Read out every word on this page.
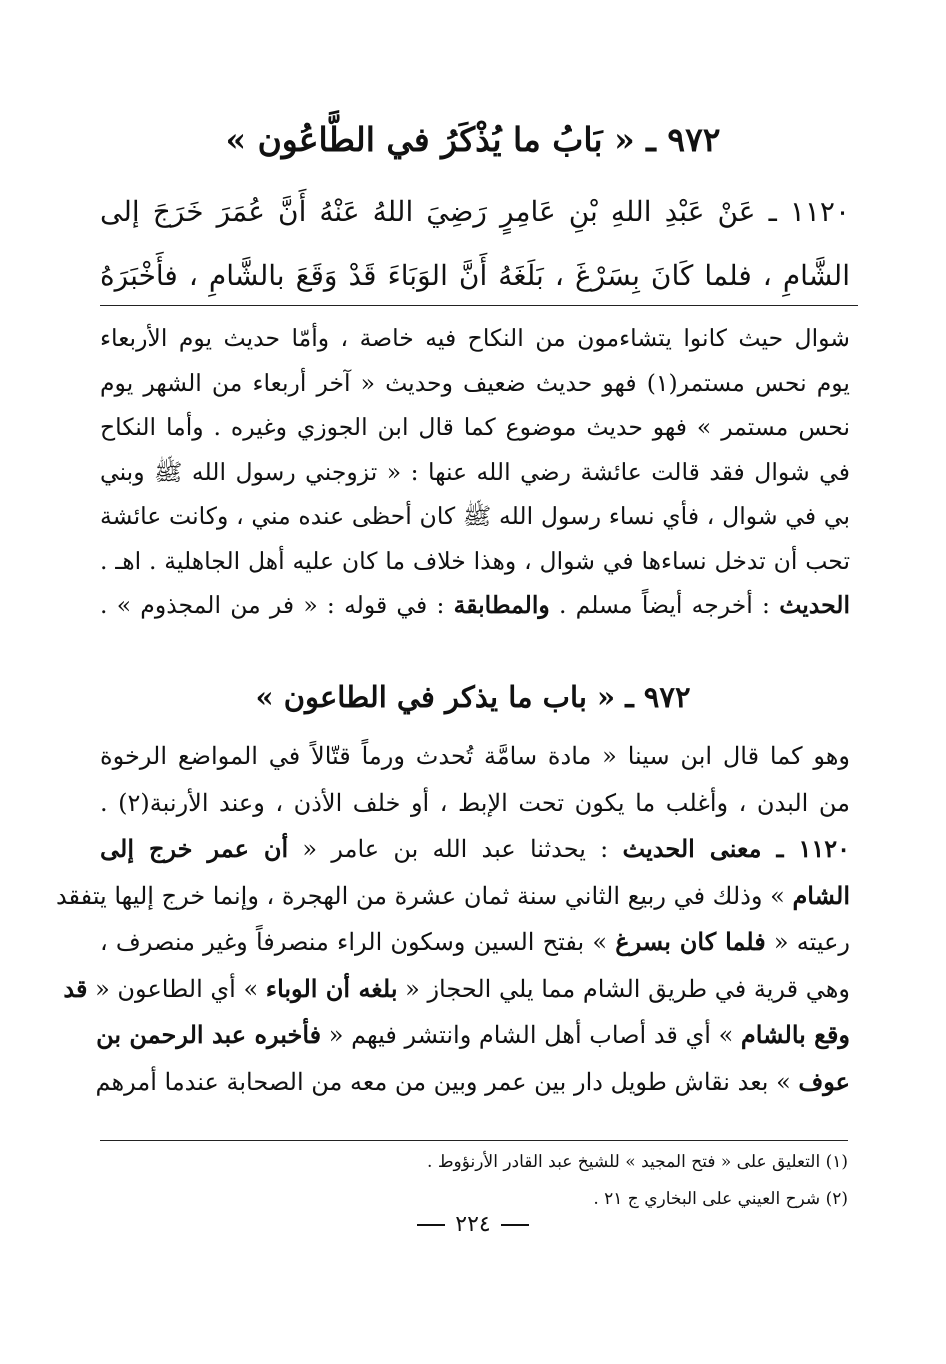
٩٧٢ ـ « بَابُ ما يُذْكَرُ في الطَّاعُون »
١١٢٠ ـ عَنْ عَبْدِ اللهِ بْنِ عَامِرٍ رَضِيَ اللهُ عَنْهُ أَنَّ عُمَرَ خَرَجَ إلى
الشَّامِ ، فلما كَانَ بِسَرْغَ ، بَلَغَهُ أَنَّ الوَبَاءَ قَدْ وَقَعَ بالشَّامِ ، فأَخْبَرَهُ
شوال حيث كانوا يتشاءمون من النكاح فيه خاصة ، وأمّا حديث يوم الأربعاء
يوم نحس مستمر(١) فهو حديث ضعيف وحديث « آخر أربعاء من الشهر يوم
نحس مستمر » فهو حديث موضوع كما قال ابن الجوزي وغيره . وأما النكاح
في شوال فقد قالت عائشة رضي الله عنها : « تزوجني رسول الله ﷺ وبني
بي في شوال ، فأي نساء رسول الله ﷺ كان أحظى عنده مني ، وكانت عائشة
تحب أن تدخل نساءها في شوال ، وهذا خلاف ما كان عليه أهل الجاهلية . اهـ .
الحديث : أخرجه أيضاً مسلم . والمطابقة : في قوله : « فر من المجذوم » .
٩٧٢ ـ « باب ما يذكر في الطاعون »
وهو كما قال ابن سينا « مادة سامَّة تُحدث ورماً قتّالاً في المواضع الرخوة
من البدن ، وأغلب ما يكون تحت الإبط ، أو خلف الأذن ، وعند الأرنبة(٢) .
١١٢٠ ـ معنى الحديث : يحدثنا عبد الله بن عامر « أن عمر خرج إلى
الشام » وذلك في ربيع الثاني سنة ثمان عشرة من الهجرة ، وإنما خرج إليها يتفقد
رعيته « فلما كان بسرغ » بفتح السين وسكون الراء منصرفاً وغير منصرف ،
وهي قرية في طريق الشام مما يلي الحجاز « بلغه أن الوباء » أي الطاعون « قد
وقع بالشام » أي قد أصاب أهل الشام وانتشر فيهم « فأخبره عبد الرحمن بن
عوف » بعد نقاش طويل دار بين عمر وبين من معه من الصحابة عندما أمرهم
(١) التعليق على « فتح المجيد » للشيخ عبد القادر الأرنؤوط .
(٢) شرح العيني على البخاري ج ٢١ .
٢٢٤
